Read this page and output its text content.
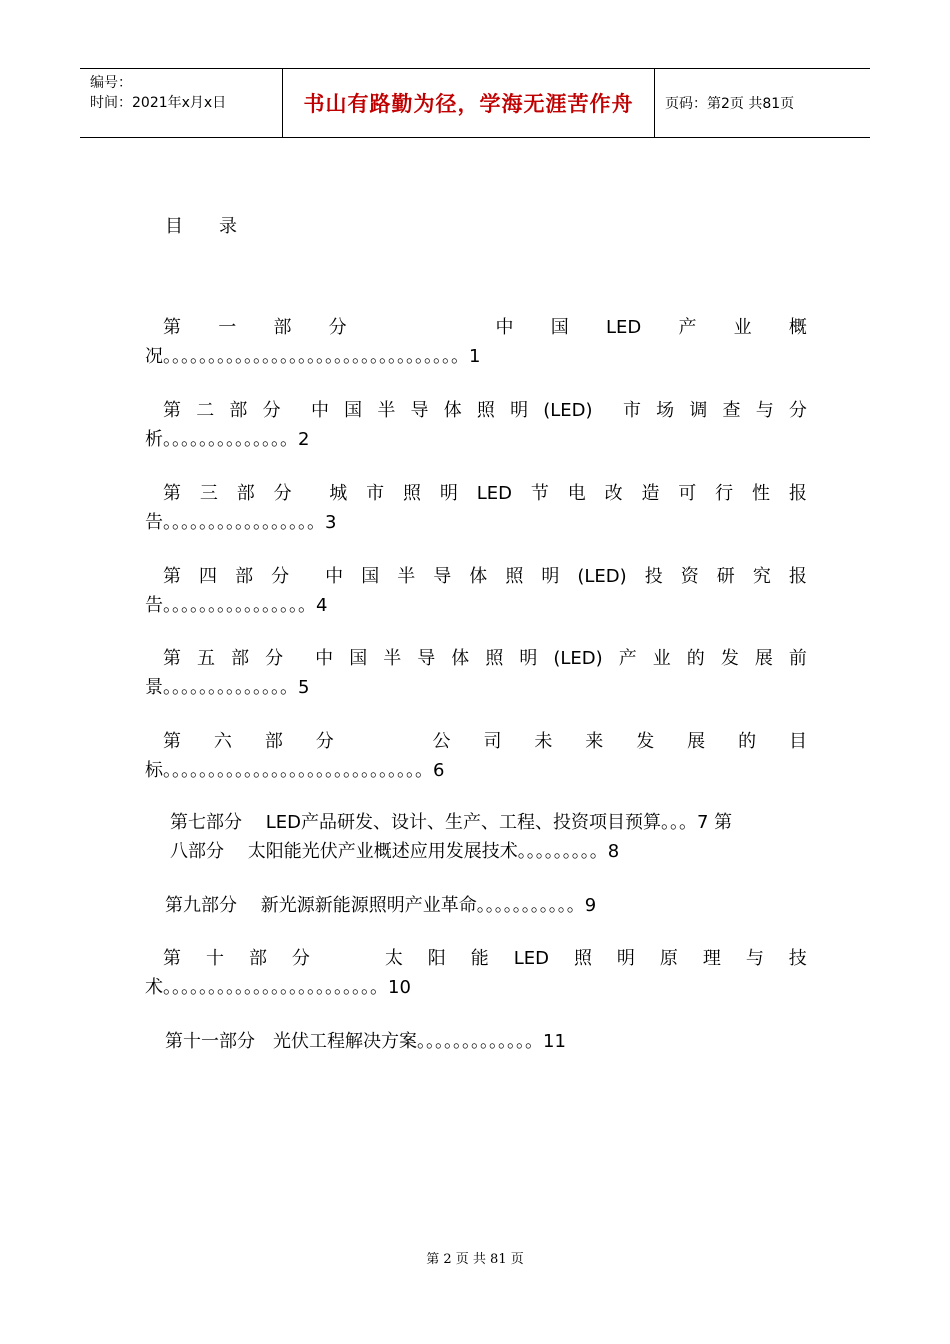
编号：
时间：2021年x月x日	书山有路勤为径，学海无涯苦作舟	页码：第2页 共81页
目 录
第 一 部 分	中 国 LED 产 业 概
况。。。。。。。。。。。。。。。。。。。。。。。。。。。。。。。。。1
第 二 部 分 中 国 半 导 体 照 明 (LED) 市 场 调 查 与 分
析。。。。。。。。。。。。。。2
第 三 部 分 城 市 照 明 LED 节 电 改 造 可 行 性 报
告。。。。。。。。。。。。。。。。。3
第 四 部 分 中 国 半 导 体 照 明 (LED) 投 资 研 究 报
告。。。。。。。。。。。。。。。。4
第 五 部 分 中 国 半 导 体 照 明 (LED) 产 业 的 发 展 前
景。。。。。。。。。。。。。。5
第 六 部 分	公 司 未 来 发 展 的 目
标。。。。。。。。。。。。。。。。。。。。。。。。。。。。。6
第七部分　 LED产品研发、设计、生产、工程、投资项目预算。。。7 第
八部分　 太阳能光伏产业概述应用发展技术。。。。。。。。。8
第九部分　 新光源新能源照明产业革命。。。。。。。。。。。9
第 十 部 分	太 阳 能 LED 照 明 原 理 与 技
术。。。。。。。。。。。。。。。。。。。。。。。。10
第十一部分　光伏工程解决方案。。。。。。。。。。。。。11
第 2 页 共 81 页
